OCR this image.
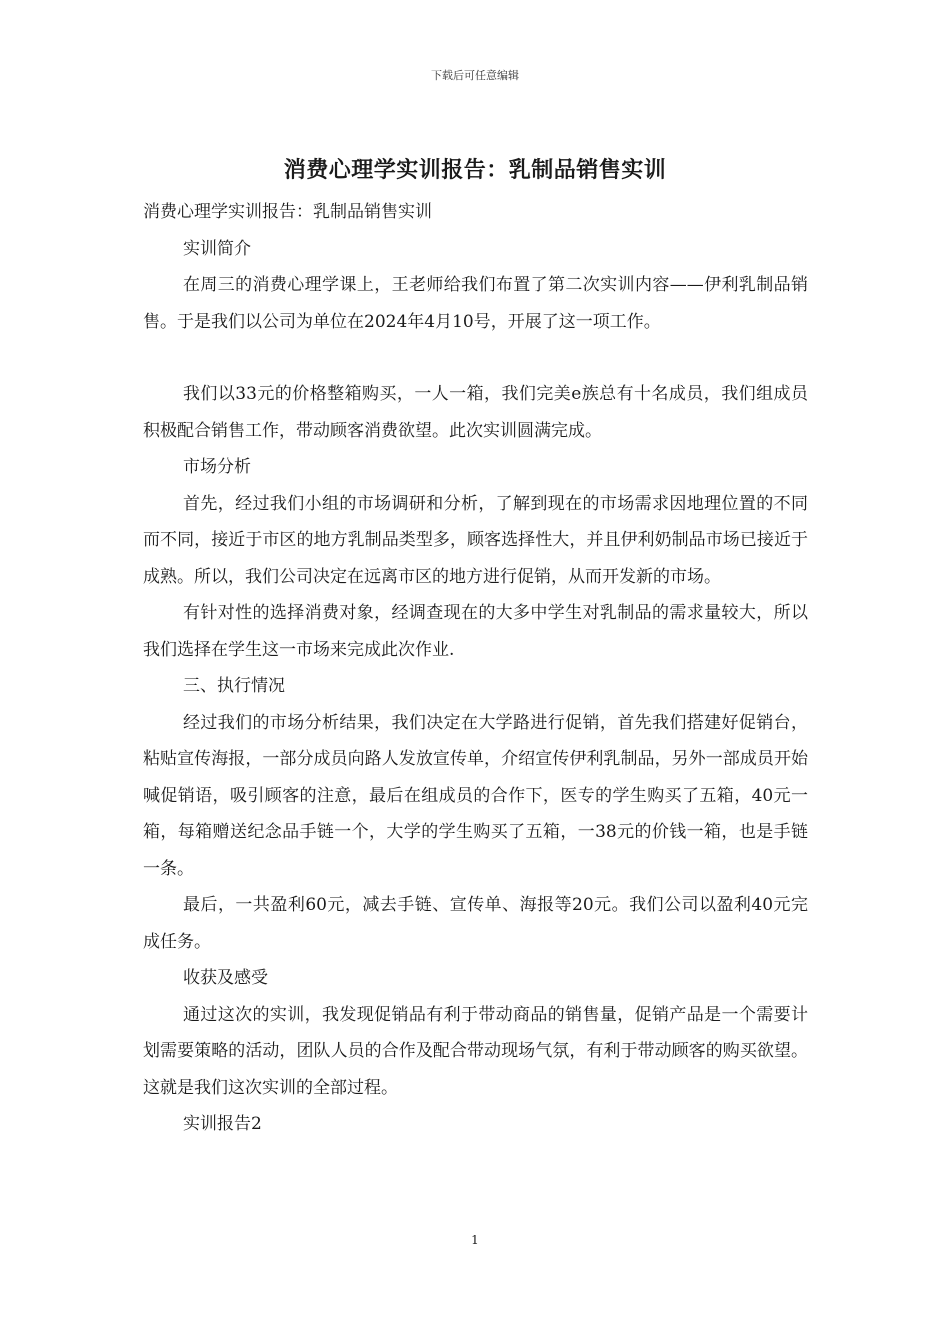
下载后可任意编辑
消费心理学实训报告：乳制品销售实训

消费心理学实训报告：乳制品销售实训

实训简介

在周三的消费心理学课上，王老师给我们布置了第二次实训内容——伊利乳制品销售。于是我们以公司为单位在2024年4月10号，开展了这一项工作。

我们以33元的价格整箱购买，一人一箱，我们完美e族总有十名成员，我们组成员积极配合销售工作，带动顾客消费欲望。此次实训圆满完成。

市场分析

首先，经过我们小组的市场调研和分析，了解到现在的市场需求因地理位置的不同而不同，接近于市区的地方乳制品类型多，顾客选择性大，并且伊利奶制品市场已接近于成熟。所以，我们公司决定在远离市区的地方进行促销，从而开发新的市场。

有针对性的选择消费对象，经调查现在的大多中学生对乳制品的需求量较大，所以我们选择在学生这一市场来完成此次作业.

三、执行情况

经过我们的市场分析结果，我们决定在大学路进行促销，首先我们搭建好促销台，粘贴宣传海报，一部分成员向路人发放宣传单，介绍宣传伊利乳制品，另外一部成员开始喊促销语，吸引顾客的注意，最后在组成员的合作下，医专的学生购买了五箱，40元一箱，每箱赠送纪念品手链一个，大学的学生购买了五箱，一38元的价钱一箱，也是手链一条。

最后，一共盈利60元，减去手链、宣传单、海报等20元。我们公司以盈利40元完成任务。

收获及感受

通过这次的实训，我发现促销品有利于带动商品的销售量，促销产品是一个需要计划需要策略的活动，团队人员的合作及配合带动现场气氛，有利于带动顾客的购买欲望。这就是我们这次实训的全部过程。

实训报告2

1
